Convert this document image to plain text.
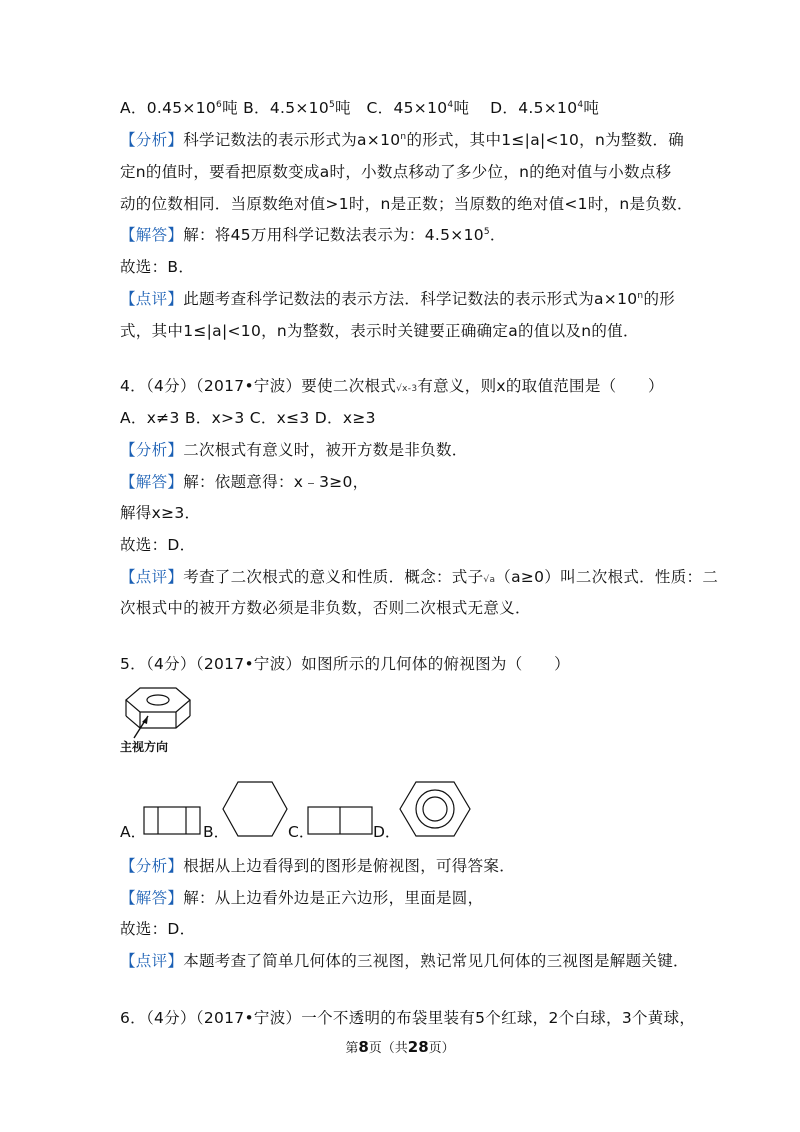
A．$0.45\times 10^6$吨 B．$4.5\times 10^5$吨 C．$45\times 10^4$吨 D．$4.5\times 10^4$吨
【分析】科学记数法的表示形式为$a\times 10^n$的形式，其中1≤|a|<10，n为整数．确
定n的值时，要看把原数变成a时，小数点移动了多少位，n的绝对值与小数点移
动的位数相同．当原数绝对值>1时，n是正数；当原数的绝对值<1时，n是负数．
【解答】解：将45万用科学记数法表示为：$4.5\times 10^5$．
故选：B．
【点评】此题考查科学记数法的表示方法．科学记数法的表示形式为$a\times 10^n$的形
式，其中1≤|a|<10，n为整数，表示时关键要正确确定a的值以及n的值．
4．（4分）（2017•宁波）要使二次根式√x-3有意义，则x的取值范围是（　　）
A．x≠3 B．x>3 C．x≤3 D．x≥3
【分析】二次根式有意义时，被开方数是非负数．
【解答】解：依题意得：x﹣3≥0，
解得x≥3．
故选：D．
【点评】考查了二次根式的意义和性质．概念：式子√a（a≥0）叫二次根式．性质：二
次根式中的被开方数必须是非负数，否则二次根式无意义．
5．（4分）（2017•宁波）如图所示的几何体的俯视图为（　　）
主视方向
A．	B．	C．	D．
【分析】根据从上边看得到的图形是俯视图，可得答案．
【解答】解：从上边看外边是正六边形，里面是圆，
故选：D．
【点评】本题考查了简单几何体的三视图，熟记常见几何体的三视图是解题关键．
6．（4分）（2017•宁波）一个不透明的布袋里装有5个红球，2个白球，3个黄球，
第8页（共28页）
